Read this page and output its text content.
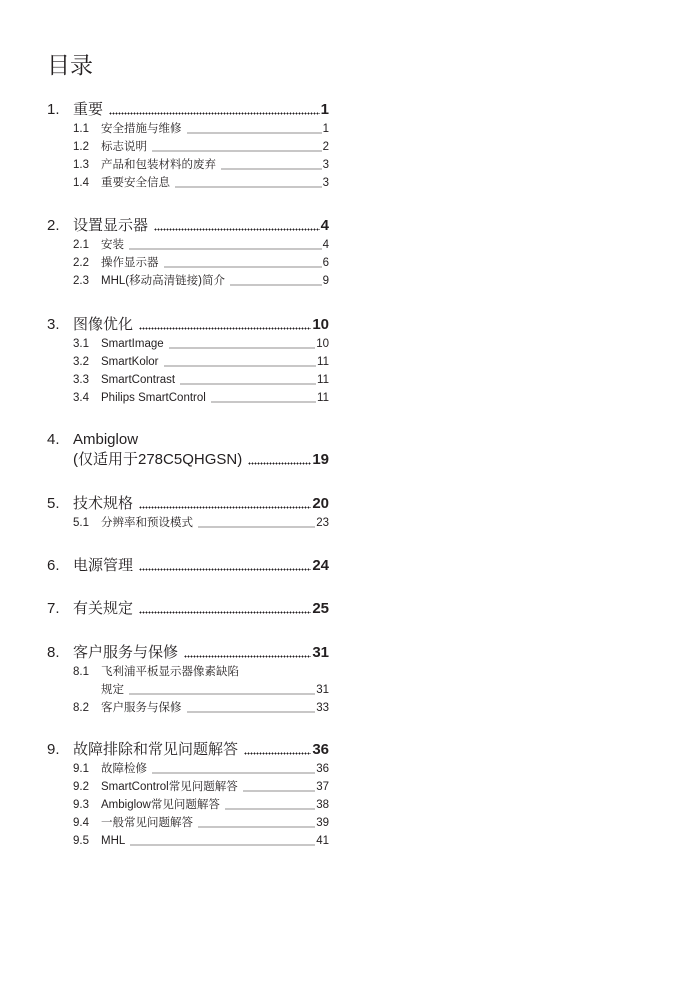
目录
1. 重要	1
1.1	安全措施与维修	1
1.2	标志说明	2
1.3	产品和包装材料的废弃	3
1.4	重要安全信息	3
2. 设置显示器	4
2.1	安装	4
2.2	操作显示器	6
2.3	MHL(移动高清链接)简介	9
3. 图像优化	10
3.1	SmartImage	10
3.2	SmartKolor	11
3.3	SmartContrast	11
3.4	Philips SmartControl	11
4. Ambiglow
(仅适用于278C5QHGSN)	19
5. 技术规格	20
5.1	分辨率和预设模式	23
6. 电源管理	24
7. 有关规定	25
8. 客户服务与保修	31
8.1	飞利浦平板显示器像素缺陷
规定	31
8.2	客户服务与保修	33
9. 故障排除和常见问题解答	36
9.1	故障检修	36
9.2	SmartControl常见问题解答	37
9.3	Ambiglow常见问题解答	38
9.4	一般常见问题解答	39
9.5	MHL	41
